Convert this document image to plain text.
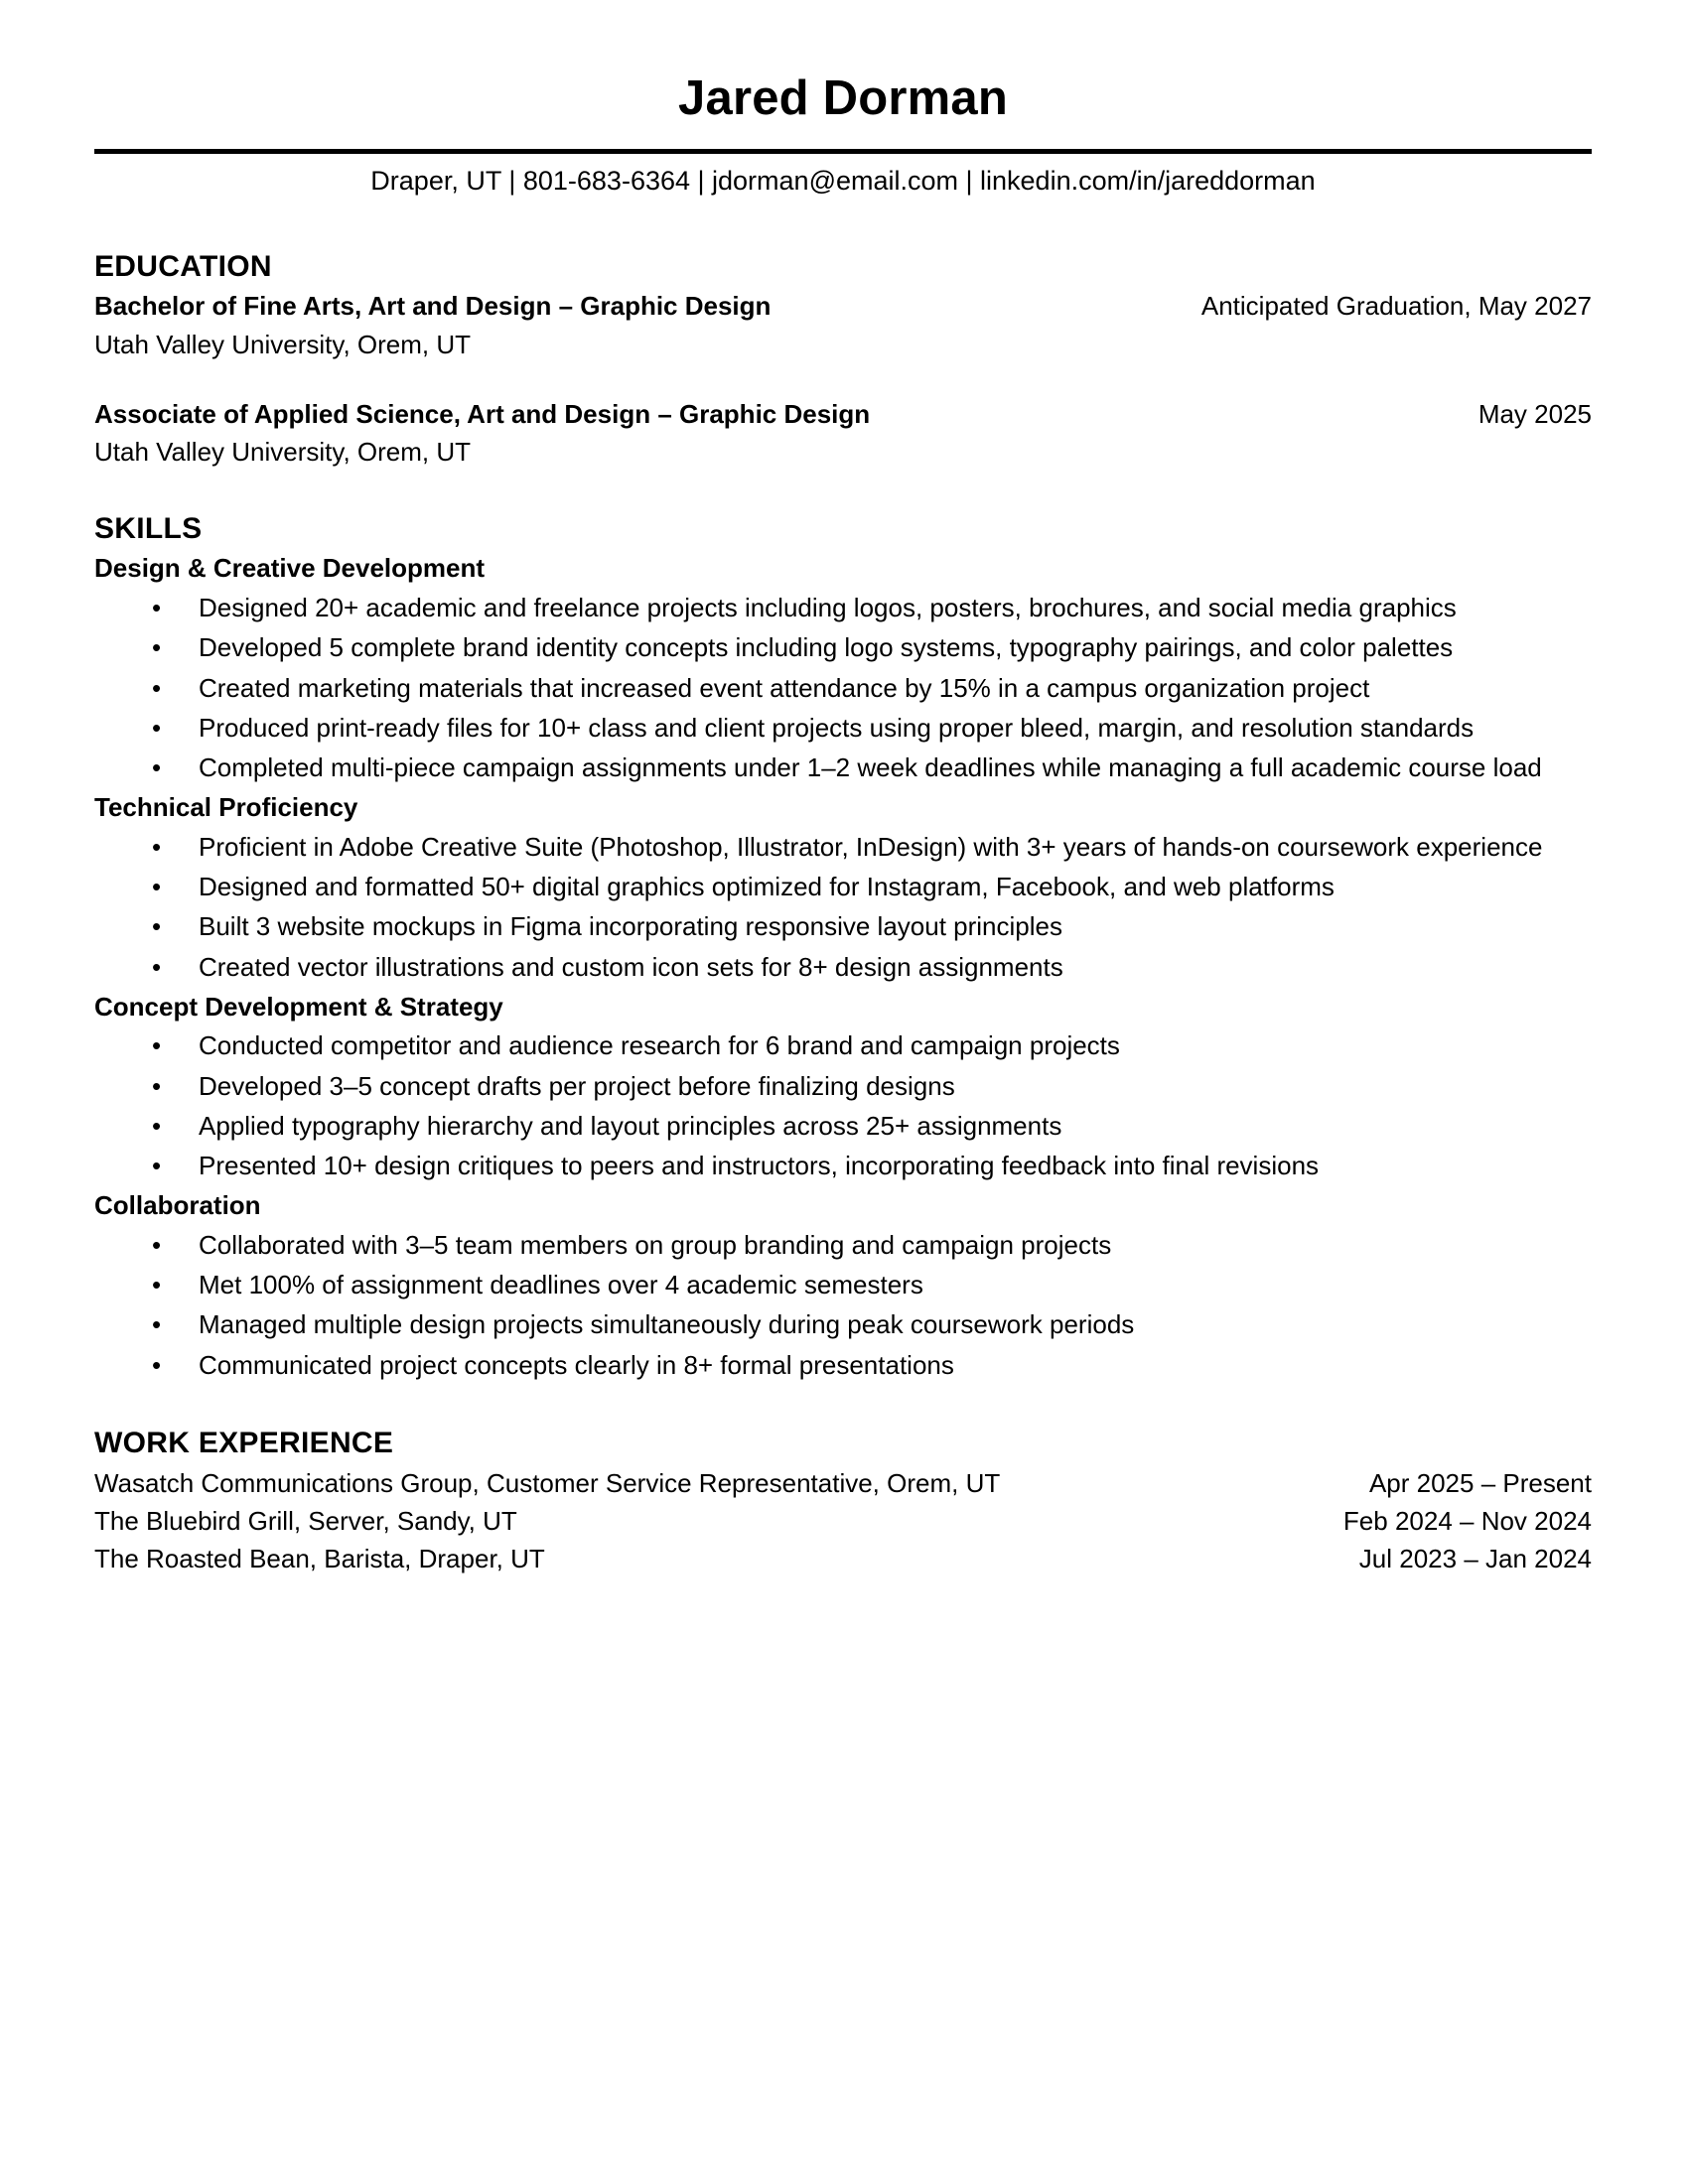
Jared Dorman
Draper, UT | 801-683-6364 | jdorman@email.com | linkedin.com/in/jareddorman
EDUCATION
Bachelor of Fine Arts, Art and Design – Graphic Design	Anticipated Graduation, May 2027
Utah Valley University, Orem, UT
Associate of Applied Science, Art and Design – Graphic Design	May 2025
Utah Valley University, Orem, UT
SKILLS
Design & Creative Development
• Designed 20+ academic and freelance projects including logos, posters, brochures, and social media graphics
• Developed 5 complete brand identity concepts including logo systems, typography pairings, and color palettes
• Created marketing materials that increased event attendance by 15% in a campus organization project
• Produced print-ready files for 10+ class and client projects using proper bleed, margin, and resolution standards
• Completed multi-piece campaign assignments under 1–2 week deadlines while managing a full academic course load
Technical Proficiency
• Proficient in Adobe Creative Suite (Photoshop, Illustrator, InDesign) with 3+ years of hands-on coursework experience
• Designed and formatted 50+ digital graphics optimized for Instagram, Facebook, and web platforms
• Built 3 website mockups in Figma incorporating responsive layout principles
• Created vector illustrations and custom icon sets for 8+ design assignments
Concept Development & Strategy
• Conducted competitor and audience research for 6 brand and campaign projects
• Developed 3–5 concept drafts per project before finalizing designs
• Applied typography hierarchy and layout principles across 25+ assignments
• Presented 10+ design critiques to peers and instructors, incorporating feedback into final revisions
Collaboration
• Collaborated with 3–5 team members on group branding and campaign projects
• Met 100% of assignment deadlines over 4 academic semesters
• Managed multiple design projects simultaneously during peak coursework periods
• Communicated project concepts clearly in 8+ formal presentations
WORK EXPERIENCE
Wasatch Communications Group, Customer Service Representative, Orem, UT	Apr 2025 – Present
The Bluebird Grill, Server, Sandy, UT	Feb 2024 – Nov 2024
The Roasted Bean, Barista, Draper, UT	Jul 2023 – Jan 2024
